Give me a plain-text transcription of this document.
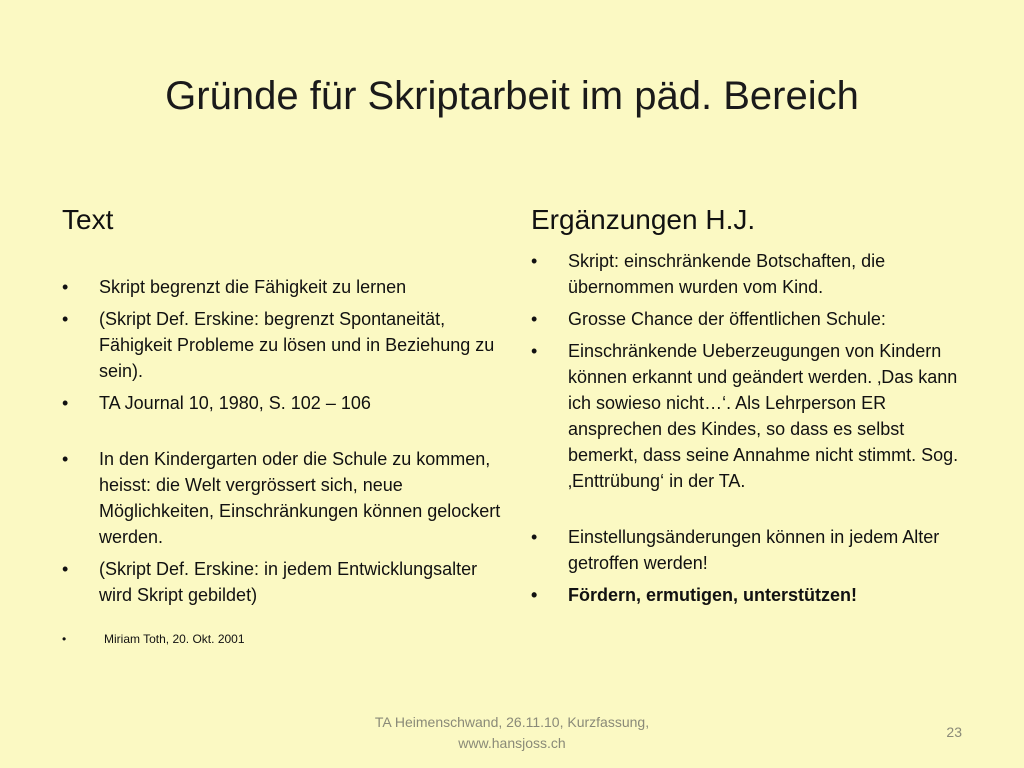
Gründe für Skriptarbeit im päd. Bereich
Text
• Skript begrenzt die Fähigkeit zu lernen
• (Skript Def. Erskine: begrenzt Spontaneität, Fähigkeit Probleme zu lösen und in Beziehung zu sein).
• TA Journal 10, 1980, S. 102 – 106
• In den Kindergarten oder die Schule zu kommen, heisst: die Welt vergrössert sich, neue Möglichkeiten, Einschränkungen können gelockert werden.
• (Skript Def. Erskine: in jedem Entwicklungsalter wird Skript gebildet)
•	Miriam Toth, 20. Okt. 2001
Ergänzungen H.J.
• Skript: einschränkende Botschaften, die übernommen wurden vom Kind.
• Grosse Chance der öffentlichen Schule:
• Einschränkende Ueberzeugungen von Kindern können erkannt und geändert werden. ‚Das kann ich sowieso nicht…‘. Als Lehrperson ER ansprechen des Kindes, so dass es selbst bemerkt, dass seine Annahme nicht stimmt. Sog. ‚Enttrübung‘ in der TA.
• Einstellungsänderungen können in jedem Alter getroffen werden!
• Fördern, ermutigen, unterstützen!
TA Heimenschwand, 26.11.10, Kurzfassung,
www.hansjoss.ch
23
